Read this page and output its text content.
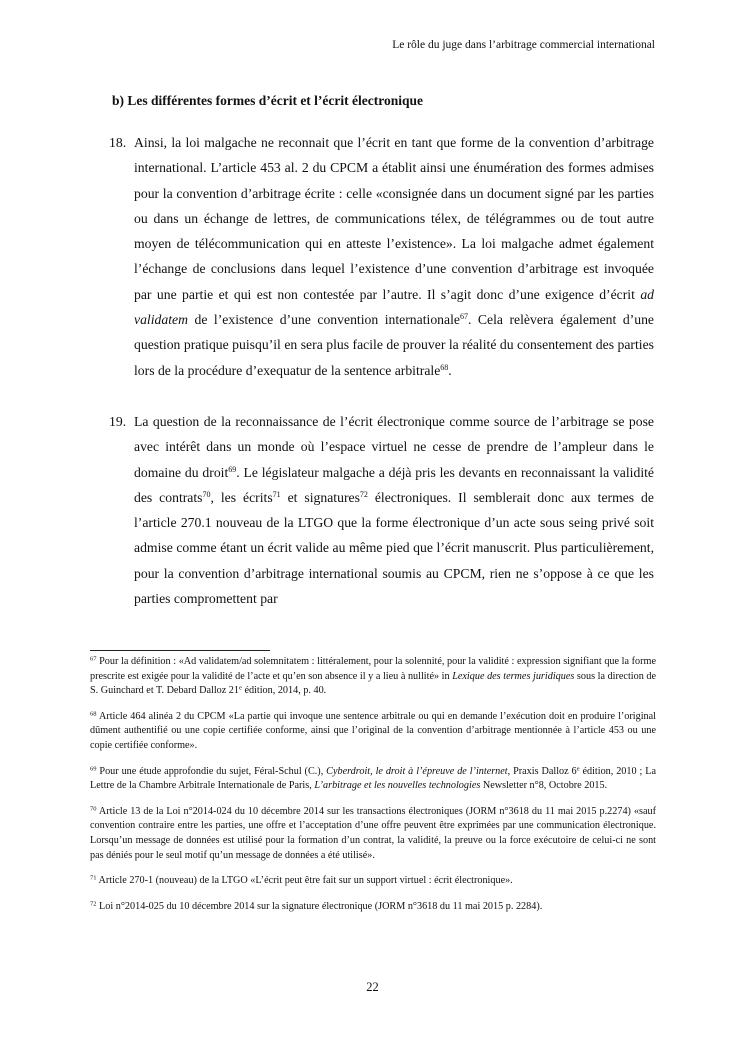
Le rôle du juge dans l’arbitrage commercial international
b) Les différentes formes d’écrit et l’écrit électronique
18. Ainsi, la loi malgache ne reconnait que l’écrit en tant que forme de la convention d’arbitrage international. L’article 453 al. 2 du CPCM a établit ainsi une énumération des formes admises pour la convention d’arbitrage écrite : celle «consignée dans un document signé par les parties ou dans un échange de lettres, de communications télex, de télégrammes ou de tout autre moyen de télécommunication qui en atteste l’existence». La loi malgache admet également l’échange de conclusions dans lequel l’existence d’une convention d’arbitrage est invoquée par une partie et qui est non contestée par l’autre. Il s’agit donc d’une exigence d’écrit ad validatem de l’existence d’une convention internationale$^{67}$. Cela relèvera également d’une question pratique puisqu’il en sera plus facile de prouver la réalité du consentement des parties lors de la procédure d’exequatur de la sentence arbitrale$^{68}$.
19. La question de la reconnaissance de l’écrit électronique comme source de l’arbitrage se pose avec intérêt dans un monde où l’espace virtuel ne cesse de prendre de l’ampleur dans le domaine du droit$^{69}$. Le législateur malgache a déjà pris les devants en reconnaissant la validité des contrats$^{70}$, les écrits$^{71}$ et signatures$^{72}$ électroniques. Il semblerait donc aux termes de l’article 270.1 nouveau de la LTGO que la forme électronique d’un acte sous seing privé soit admise comme étant un écrit valide au même pied que l’écrit manuscrit. Plus particulièrement, pour la convention d’arbitrage international soumis au CPCM, rien ne s’oppose à ce que les parties compromettent par

$^{67}$ Pour la définition : «Ad validatem/ad solemnitatem : littéralement, pour la solennité, pour la validité : expression signifiant que la forme prescrite est exigée pour la validité de l’acte et qu’en son absence il y a lieu à nullité» in Lexique des termes juridiques sous la direction de S. Guinchard et T. Debard Dalloz 21e édition, 2014, p. 40.

$^{68}$ Article 464 alinéa 2 du CPCM «La partie qui invoque une sentence arbitrale ou qui en demande l’exécution doit en produire l’original dûment authentifié ou une copie certifiée conforme, ainsi que l’original de la convention d’arbitrage mentionnée à l’article 453 ou une copie certifiée conforme».

$^{69}$ Pour une étude approfondie du sujet, Féral-Schul (C.), Cyberdroit, le droit à l’épreuve de l’internet, Praxis Dalloz 6e édition, 2010 ; La Lettre de la Chambre Arbitrale Internationale de Paris, L’arbitrage et les nouvelles technologies Newsletter n°8, Octobre 2015.

$^{70}$ Article 13 de la Loi n°2014-024 du 10 décembre 2014 sur les transactions électroniques (JORM n°3618 du 11 mai 2015 p.2274) «sauf convention contraire entre les parties, une offre et l’acceptation d’une offre peuvent être exprimées par une communication électronique. Lorsqu’un message de données est utilisé pour la formation d’un contrat, la validité, la preuve ou la force exécutoire de celui-ci ne sont pas déniés pour le seul motif qu’un message de données a été utilisé».

$^{71}$ Article 270-1 (nouveau) de la LTGO «L’écrit peut être fait sur un support virtuel : écrit électronique».

$^{72}$ Loi n°2014-025 du 10 décembre 2014 sur la signature électronique (JORM n°3618 du 11 mai 2015 p. 2284).

22
